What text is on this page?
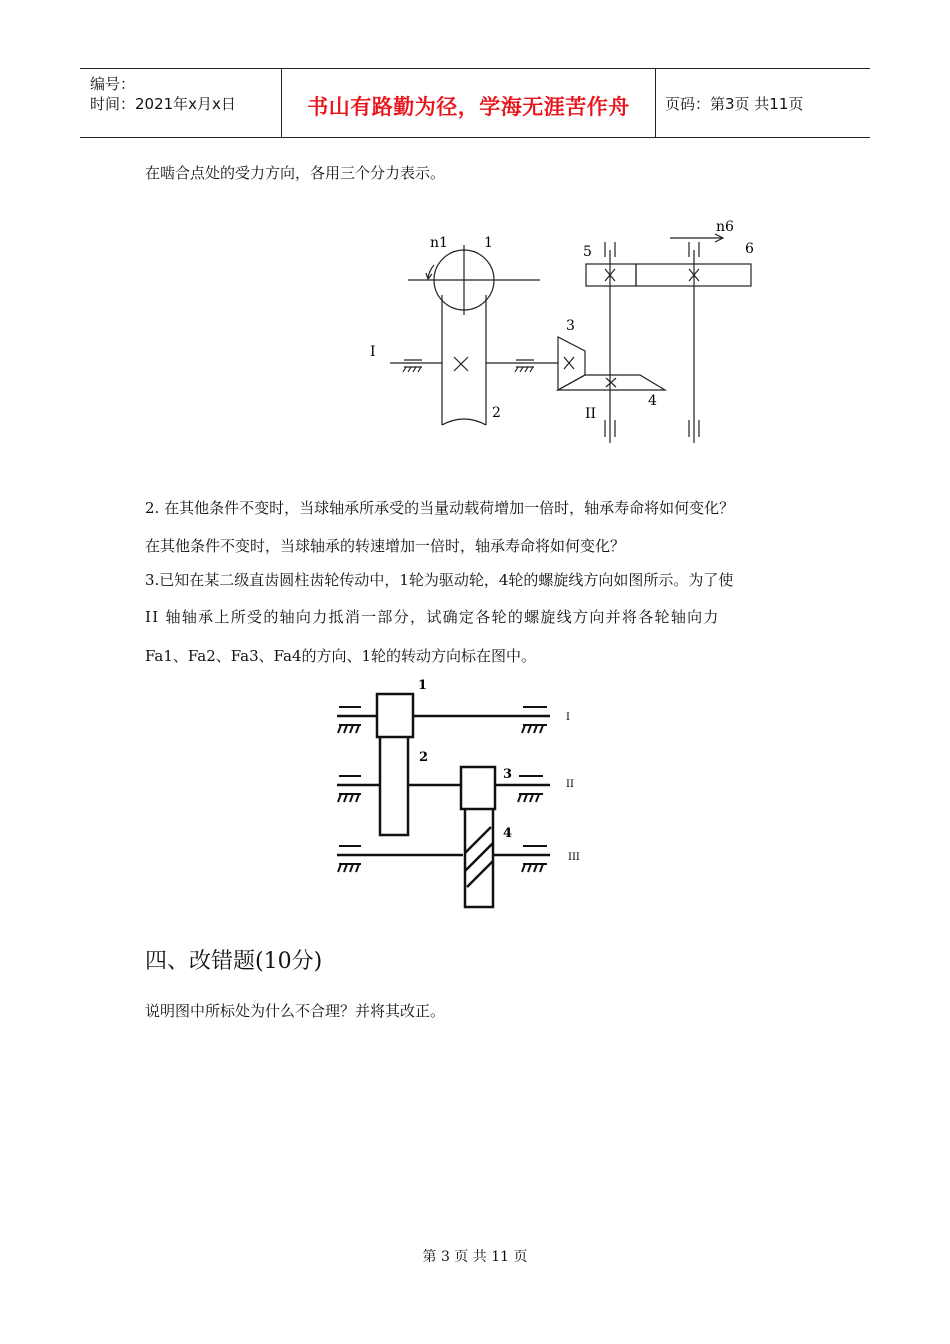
编号：
时间：2021年x月x日	书山有路勤为径，学海无涯苦作舟	页码：第3页 共11页
在啮合点处的受力方向，各用三个分力表示。
n1	1
2
3
4
5	6
n6
I
II
2. 在其他条件不变时，当球轴承所承受的当量动载荷增加一倍时，轴承寿命将如何变化？
在其他条件不变时，当球轴承的转速增加一倍时，轴承寿命将如何变化？
3.已知在某二级直齿圆柱齿轮传动中，1轮为驱动轮，4轮的螺旋线方向如图所示。为了使
II 轴轴承上所受的轴向力抵消一部分，试确定各轮的螺旋线方向并将各轮轴向力
Fa1、Fa2、Fa3、Fa4的方向、1轮的转动方向标在图中。
1
2
3
4
I
II
III
四、改错题(10分)
说明图中所标处为什么不合理？并将其改正。
第 3 页 共 11 页
